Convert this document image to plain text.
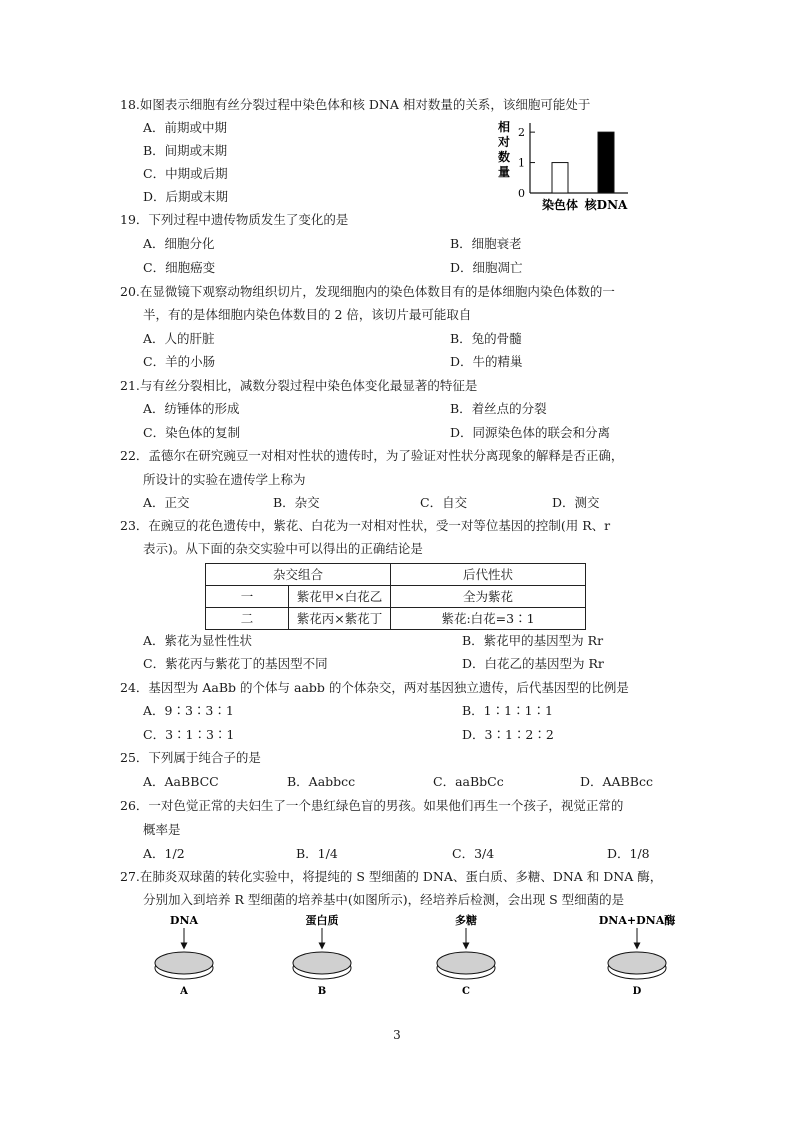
18.如图表示细胞有丝分裂过程中染色体和核 DNA 相对数量的关系，该细胞可能处于
A．前期或中期
B．间期或末期
C．中期或后期
D．后期或末期
相
对
数
量
0
1
2
染色体 核DNA
19．下列过程中遗传物质发生了变化的是
A．细胞分化	B．细胞衰老
C．细胞癌变	D．细胞凋亡
20.在显微镜下观察动物组织切片，发现细胞内的染色体数目有的是体细胞内染色体数的一
半，有的是体细胞内染色体数目的 2 倍，该切片最可能取自
A．人的肝脏	B．兔的骨髓
C．羊的小肠	D．牛的精巢
21.与有丝分裂相比，减数分裂过程中染色体变化最显著的特征是
A．纺锤体的形成	B．着丝点的分裂
C．染色体的复制	D．同源染色体的联会和分离
22．孟德尔在研究豌豆一对相对性状的遗传时，为了验证对性状分离现象的解释是否正确，
所设计的实验在遗传学上称为
A．正交	B．杂交	C．自交	D．测交
23．在豌豆的花色遗传中，紫花、白花为一对相对性状，受一对等位基因的控制(用 R、r
表示)。从下面的杂交实验中可以得出的正确结论是
杂交组合		后代性状
一	紫花甲×白花乙	全为紫花
二	紫花丙×紫花丁	紫花:白花=3∶1
A．紫花为显性性状	B．紫花甲的基因型为 Rr
C．紫花丙与紫花丁的基因型不同	D．白花乙的基因型为 Rr
24．基因型为 AaBb 的个体与 aabb 的个体杂交，两对基因独立遗传，后代基因型的比例是
A．9∶3∶3∶1	B．1∶1∶1∶1
C．3∶1∶3∶1	D．3∶1∶2∶2
25．下列属于纯合子的是
A．AaBBCC	B．Aabbcc	C．aaBbCc	D．AABBcc
26．一对色觉正常的夫妇生了一个患红绿色盲的男孩。如果他们再生一个孩子，视觉正常的
概率是
A．1/2	B．1/4	C．3/4	D．1/8
27.在肺炎双球菌的转化实验中，将提纯的 S 型细菌的 DNA、蛋白质、多糖、DNA 和 DNA 酶，
分别加入到培养 R 型细菌的培养基中(如图所示)，经培养后检测，会出现 S 型细菌的是
DNA
A
蛋白质
B
多糖
C
DNA+DNA酶
D
3
